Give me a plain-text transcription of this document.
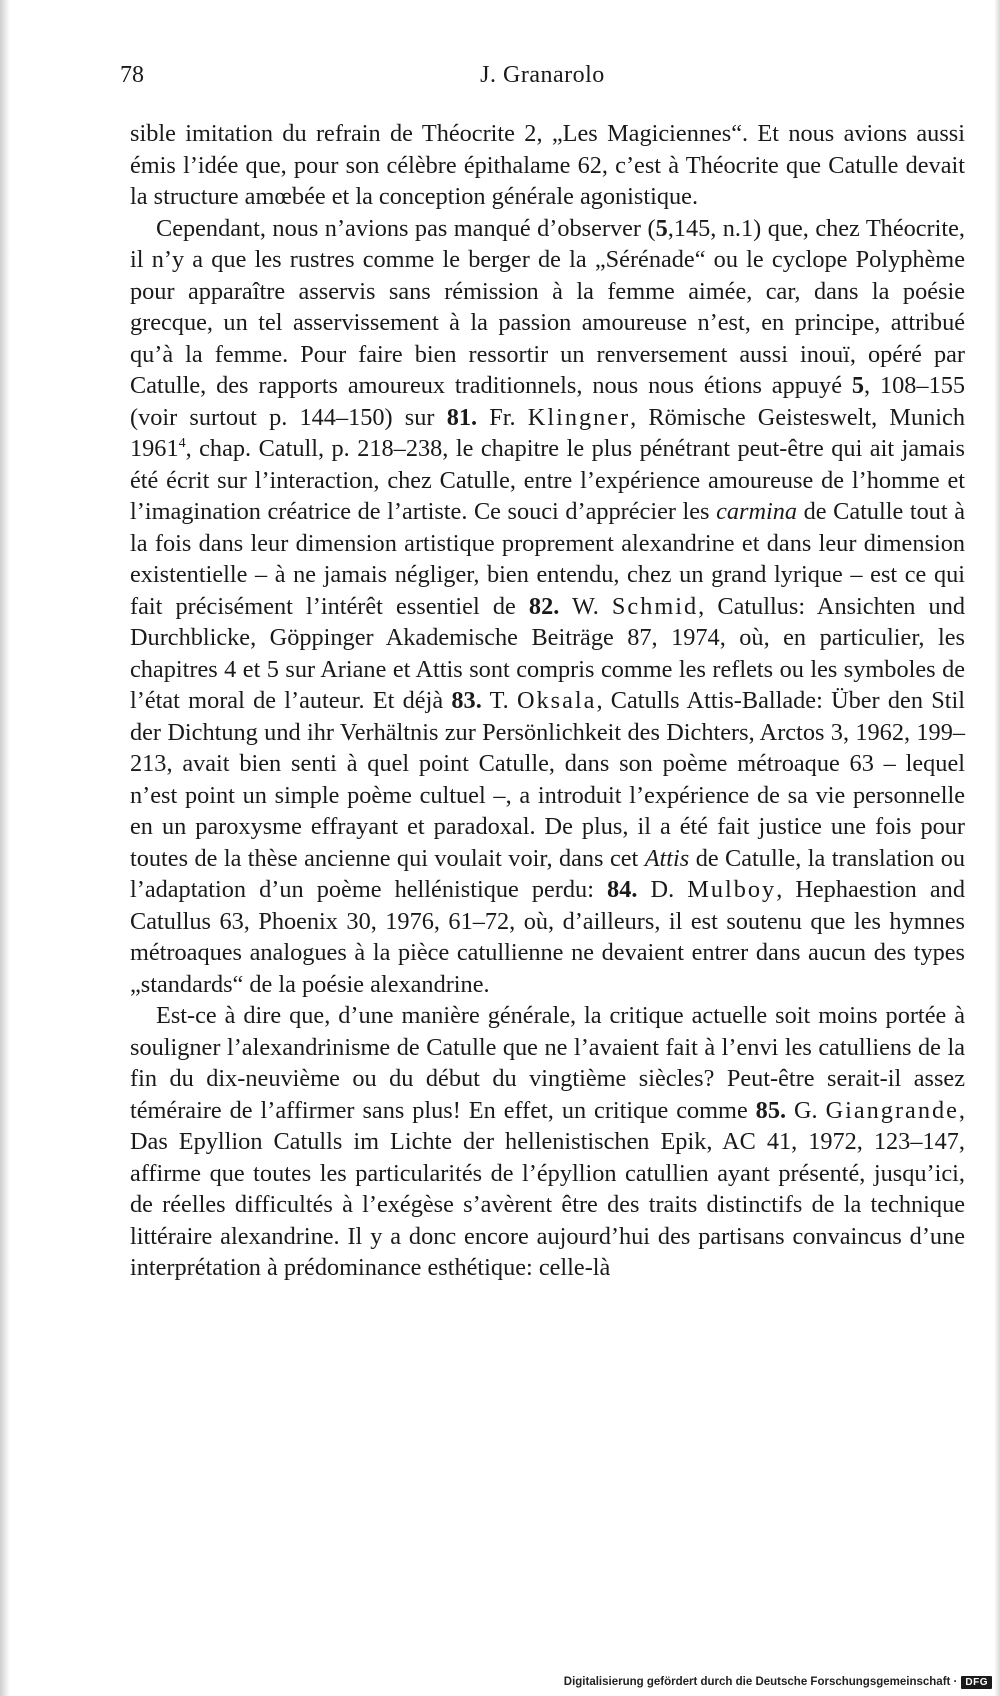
78	J. Granarolo

sible imitation du refrain de Théocrite 2, „Les Magiciennes“. Et nous avions aussi émis l’idée que, pour son célèbre épithalame 62, c’est à Théocrite que Catulle devait la structure amœbée et la conception générale agonistique.

Cependant, nous n’avions pas manqué d’observer (5,145, n.1) que, chez Théocrite, il n’y a que les rustres comme le berger de la „Sérénade“ ou le cyclope Polyphème pour apparaître asservis sans rémission à la femme aimée, car, dans la poésie grecque, un tel asservissement à la passion amoureuse n’est, en principe, attribué qu’à la femme. Pour faire bien ressortir un renversement aussi inouï, opéré par Catulle, des rapports amoureux traditionnels, nous nous étions appuyé 5, 108–155 (voir surtout p. 144–150) sur 81. Fr. Klingner, Römische Geisteswelt, Munich 1961$^4$, chap. Catull, p. 218–238, le chapitre le plus pénétrant peut-être qui ait jamais été écrit sur l’interaction, chez Catulle, entre l’expérience amoureuse de l’homme et l’imagination créatrice de l’artiste. Ce souci d’apprécier les carmina de Catulle tout à la fois dans leur dimension artistique proprement alexandrine et dans leur dimension existentielle – à ne jamais négliger, bien entendu, chez un grand lyrique – est ce qui fait précisément l’intérêt essentiel de 82. W. Schmid, Catullus: Ansichten und Durchblicke, Göppinger Akademische Beiträge 87, 1974, où, en particulier, les chapitres 4 et 5 sur Ariane et Attis sont compris comme les reflets ou les symboles de l’état moral de l’auteur. Et déjà 83. T. Oksala, Catulls Attis-Ballade: Über den Stil der Dichtung und ihr Verhältnis zur Persönlichkeit des Dichters, Arctos 3, 1962, 199–213, avait bien senti à quel point Catulle, dans son poème métroaque 63 – lequel n’est point un simple poème cultuel –, a introduit l’expérience de sa vie personnelle en un paroxysme effrayant et paradoxal. De plus, il a été fait justice une fois pour toutes de la thèse ancienne qui voulait voir, dans cet Attis de Catulle, la translation ou l’adaptation d’un poème hellénistique perdu: 84. D. Mulboy, Hephaestion and Catullus 63, Phoenix 30, 1976, 61–72, où, d’ailleurs, il est soutenu que les hymnes métroaques analogues à la pièce catullienne ne devaient entrer dans aucun des types „standards“ de la poésie alexandrine.

Est-ce à dire que, d’une manière générale, la critique actuelle soit moins portée à souligner l’alexandrinisme de Catulle que ne l’avaient fait à l’envi les catulliens de la fin du dix-neuvième ou du début du vingtième siècles? Peut-être serait-il assez téméraire de l’affirmer sans plus! En effet, un critique comme 85. G. Giangrande, Das Epyllion Catulls im Lichte der hellenistischen Epik, AC 41, 1972, 123–147, affirme que toutes les particularités de l’épyllion catullien ayant présenté, jusqu’ici, de réelles difficultés à l’exégèse s’avèrent être des traits distinctifs de la technique littéraire alexandrine. Il y a donc encore aujourd’hui des partisans convaincus d’une interprétation à prédominance esthétique: celle-là

Digitalisierung gefördert durch die Deutsche Forschungsgemeinschaft · DFG
